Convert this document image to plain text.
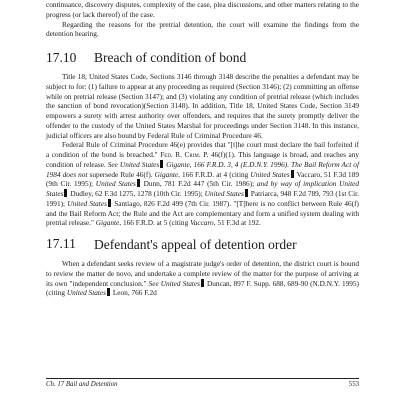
continuance, discovery disputes, complexity of the case, plea discussions, and other matters relating to the progress (or lack thereof) of the case.

Regarding the reasons for the pretrial detention, the court will examine the findings from the detention hearing.

17.10	Breach of condition of bond

Title 18, United States Code, Sections 3146 through 3148 describe the penalties a defendant may be subject to for: (1) failure to appear at any proceeding as required (Section 3146); (2) committing an offense while on pretrial release (Section 3147); and (3) violating any condition of pretrial release (which includes the sanction of bond revocation)(Section 3148). In addition, Title 18, United States Code, Section 3149 empowers a surety with arrest authority over offenders, and requires that the surety promptly deliver the offender to the custody of the United States Marshal for proceedings under Section 3148. In this instance, judicial officers are also bound by Federal Rule of Criminal Procedure 46.

Federal Rule of Criminal Procedure 46(e) provides that "[t]he court must declare the bail forfeited if a condition of the bond is breached." Fed. R. Crim. P. 46(f)(1). This language is broad, and reaches any condition of release. See United States Gigante, 166 F.R.D. 3, 4 (E.D.N.Y. 1996). The Bail Reform Act of 1984 does not supersede Rule 46(f). Gigante, 166 F.R.D. at 4 (citing United States Vaccaro, 51 F.3d 189 (9th Cir. 1995); United States Dunn, 781 F.2d 447 (5th Cir. 1986); and by way of implication United States Dudley, 62 F.3d 1275, 1278 (10th Cir. 1995); United States Patriarca, 948 F.2d 789, 793 (1st Cir. 1991); United States Santiago, 826 F.2d 499 (7th Cir. 1987). "[T]here is no conflict between Rule 46(f) and the Bail Reform Act; the Rule and the Act are complementary and form a unified system dealing with pretrial release." Gigante, 166 F.R.D. at 5 (citing Vaccaro, 51 F.3d at 192.

17.11	Defendant's appeal of detention order

When a defendant seeks review of a magistrate judge's order of detention, the district court is bound to review the matter de novo, and undertake a complete review of the matter for the purpose of arriving at its own "independent conclusion." See United States Duncan, 897 F. Supp. 688, 689-90 (N.D.N.Y. 1995) (citing United States Leon, 766 F.2d

Ch. 17 Bail and Detention	553
